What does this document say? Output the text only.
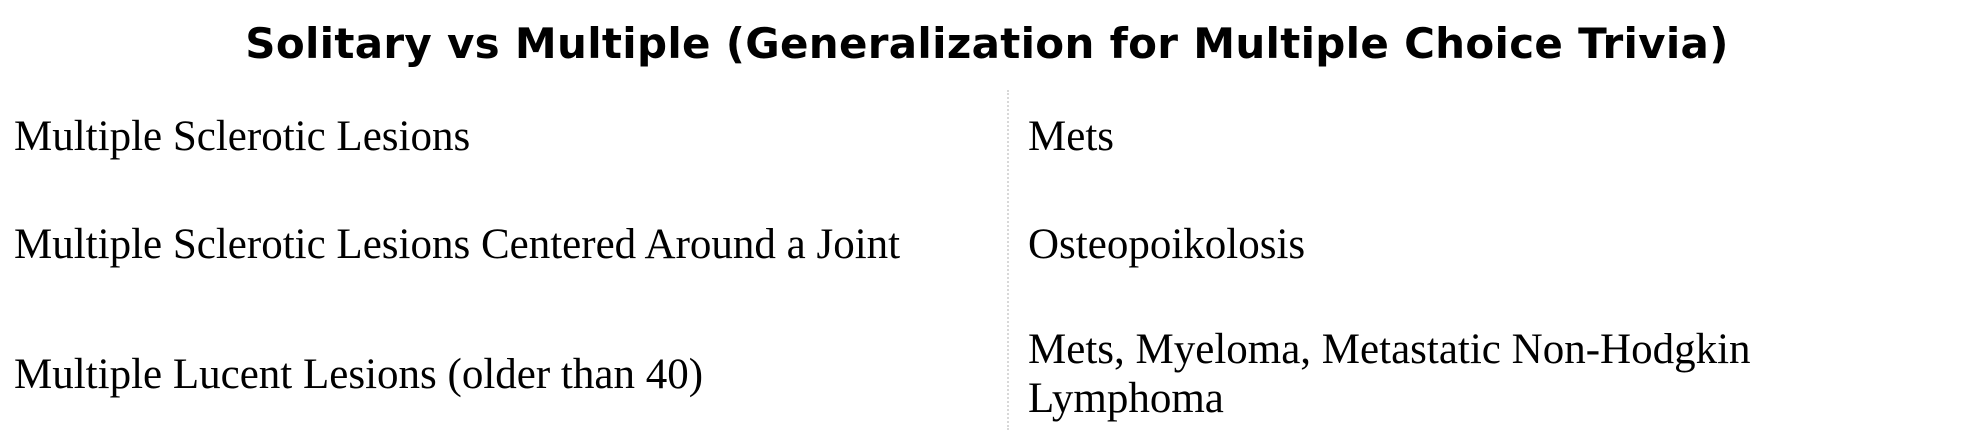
Solitary vs Multiple (Generalization for Multiple Choice Trivia)
Multiple Sclerotic Lesions	Mets
Multiple Sclerotic Lesions Centered Around a Joint	Osteopoikolosis
Multiple Lucent Lesions (older than 40)
Mets, Myeloma, Metastatic Non-Hodgkin Lymphoma
